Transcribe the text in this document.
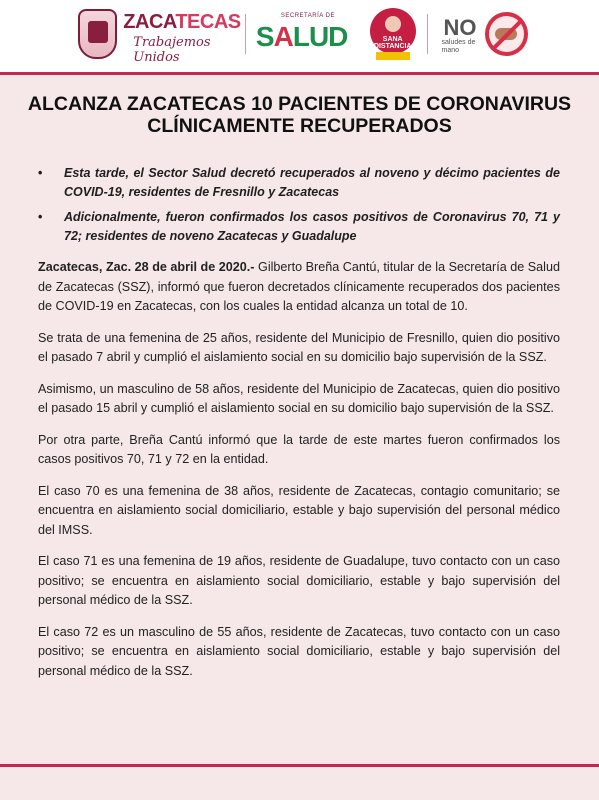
ZACATECAS
Trabajemos Unidos
SECRETARÍA DE
SALUD	SANA DISTANCIA
NO
saludes de mano
ALCANZA ZACATECAS 10 PACIENTES DE CORONAVIRUS CLÍNICAMENTE RECUPERADOS
• Esta tarde, el Sector Salud decretó recuperados al noveno y décimo pacientes de COVID-19, residentes de Fresnillo y Zacatecas
• Adicionalmente, fueron confirmados los casos positivos de Coronavirus 70, 71 y 72; residentes de noveno Zacatecas y Guadalupe

Zacatecas, Zac. 28 de abril de 2020.- Gilberto Breña Cantú, titular de la Secretaría de Salud de Zacatecas (SSZ), informó que fueron decretados clínicamente recuperados dos pacientes de COVID-19 en Zacatecas, con los cuales la entidad alcanza un total de 10.

Se trata de una femenina de 25 años, residente del Municipio de Fresnillo, quien dio positivo el pasado 7 abril y cumplió el aislamiento social en su domicilio bajo supervisión de la SSZ.

Asimismo, un masculino de 58 años, residente del Municipio de Zacatecas, quien dio positivo el pasado 15 abril y cumplió el aislamiento social en su domicilio bajo supervisión de la SSZ.

Por otra parte, Breña Cantú informó que la tarde de este martes fueron confirmados los casos positivos 70, 71 y 72 en la entidad.

El caso 70 es una femenina de 38 años, residente de Zacatecas, contagio comunitario; se encuentra en aislamiento social domiciliario, estable y bajo supervisión del personal médico del IMSS.

El caso 71 es una femenina de 19 años, residente de Guadalupe, tuvo contacto con un caso positivo; se encuentra en aislamiento social domiciliario, estable y bajo supervisión del personal médico de la SSZ.

El caso 72 es un masculino de 55 años, residente de Zacatecas, tuvo contacto con un caso positivo; se encuentra en aislamiento social domiciliario, estable y bajo supervisión del personal médico de la SSZ.
